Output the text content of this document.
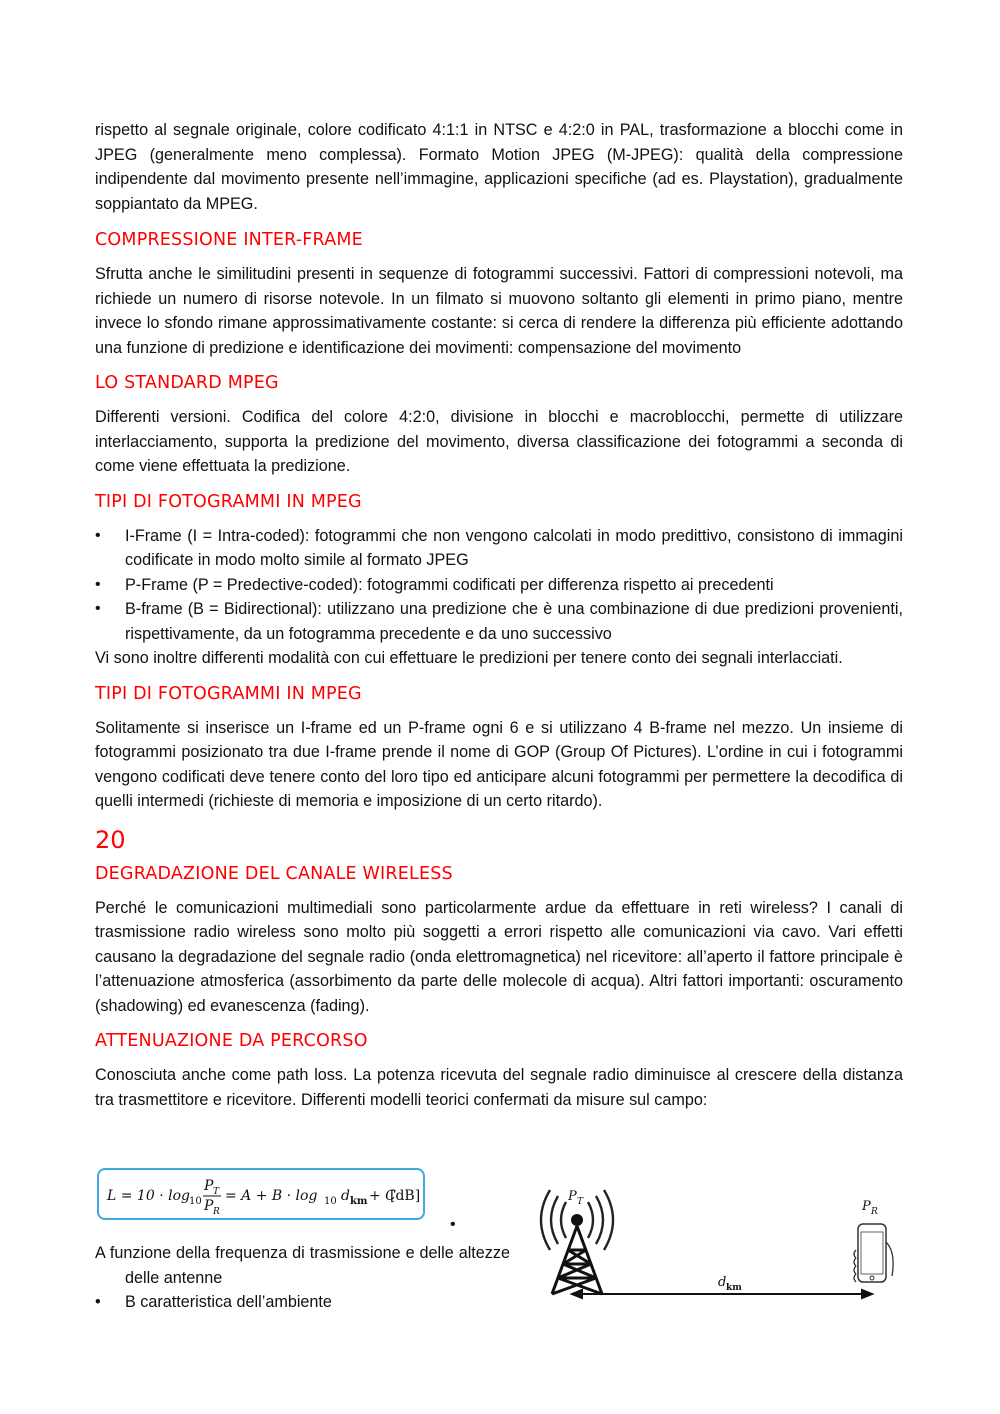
rispetto al segnale originale, colore codificato 4:1:1 in NTSC e 4:2:0 in PAL, trasformazione a blocchi come in JPEG (generalmente meno complessa). Formato Motion JPEG (M-JPEG): qualità della compressione indipendente dal movimento presente nell’immagine, applicazioni specifiche (ad es. Playstation), gradualmente soppiantato da MPEG.

COMPRESSIONE INTER-FRAME

Sfrutta anche le similitudini presenti in sequenze di fotogrammi successivi. Fattori di compressioni notevoli, ma richiede un numero di risorse notevole. In un filmato si muovono soltanto gli elementi in primo piano, mentre invece lo sfondo rimane approssimativamente costante: si cerca di rendere la differenza più efficiente adottando una funzione di predizione e identificazione dei movimenti: compensazione del movimento

LO STANDARD MPEG

Differenti versioni. Codifica del colore 4:2:0, divisione in blocchi e macroblocchi, permette di utilizzare interlacciamento, supporta la predizione del movimento, diversa classificazione dei fotogrammi a seconda di come viene effettuata la predizione.

TIPI DI FOTOGRAMMI IN MPEG
• I-Frame (I = Intra-coded): fotogrammi che non vengono calcolati in modo predittivo, consistono di immagini codificate in modo molto simile al formato JPEG
• P-Frame (P = Predective-coded): fotogrammi codificati per differenza rispetto ai precedenti
• B-frame (B = Bidirectional): utilizzano una predizione che è una combinazione di due predizioni provenienti, rispettivamente, da un fotogramma precedente e da uno successivo

Vi sono inoltre differenti modalità con cui effettuare le predizioni per tenere conto dei segnali interlacciati.

TIPI DI FOTOGRAMMI IN MPEG

Solitamente si inserisce un I-frame ed un P-frame ogni 6 e si utilizzano 4 B-frame nel mezzo. Un insieme di fotogrammi posizionato tra due I-frame prende il nome di GOP (Group Of Pictures). L’ordine in cui i fotogrammi vengono codificati deve tenere conto del loro tipo ed anticipare alcuni fotogrammi per permettere la decodifica di quelli intermedi (richieste di memoria e imposizione di un certo ritardo).

20
DEGRADAZIONE DEL CANALE WIRELESS

Perché le comunicazioni multimediali sono particolarmente ardue da effettuare in reti wireless? I canali di trasmissione radio wireless sono molto più soggetti a errori rispetto alle comunicazioni via cavo. Vari effetti causano la degradazione del segnale radio (onda elettromagnetica) nel ricevitore: all’aperto il fattore principale è l’attenuazione atmosferica (assorbimento da parte delle molecole di acqua). Altri fattori importanti: oscuramento (shadowing) ed evanescenza (fading).

ATTENUAZIONE DA PERCORSO

Conosciuta anche come path loss. La potenza ricevuta del segnale radio diminuisce al crescere della distanza tra trasmettitore e ricevitore. Differenti modelli teorici confermati da misure sul campo:

L = 10 · log 10
P T
P R
= A + B · log 10 d km + C
[dB]
•
A funzione della frequenza di trasmissione e delle altezze delle antenne
• B caratteristica dell’ambiente
P T	P R
d km
